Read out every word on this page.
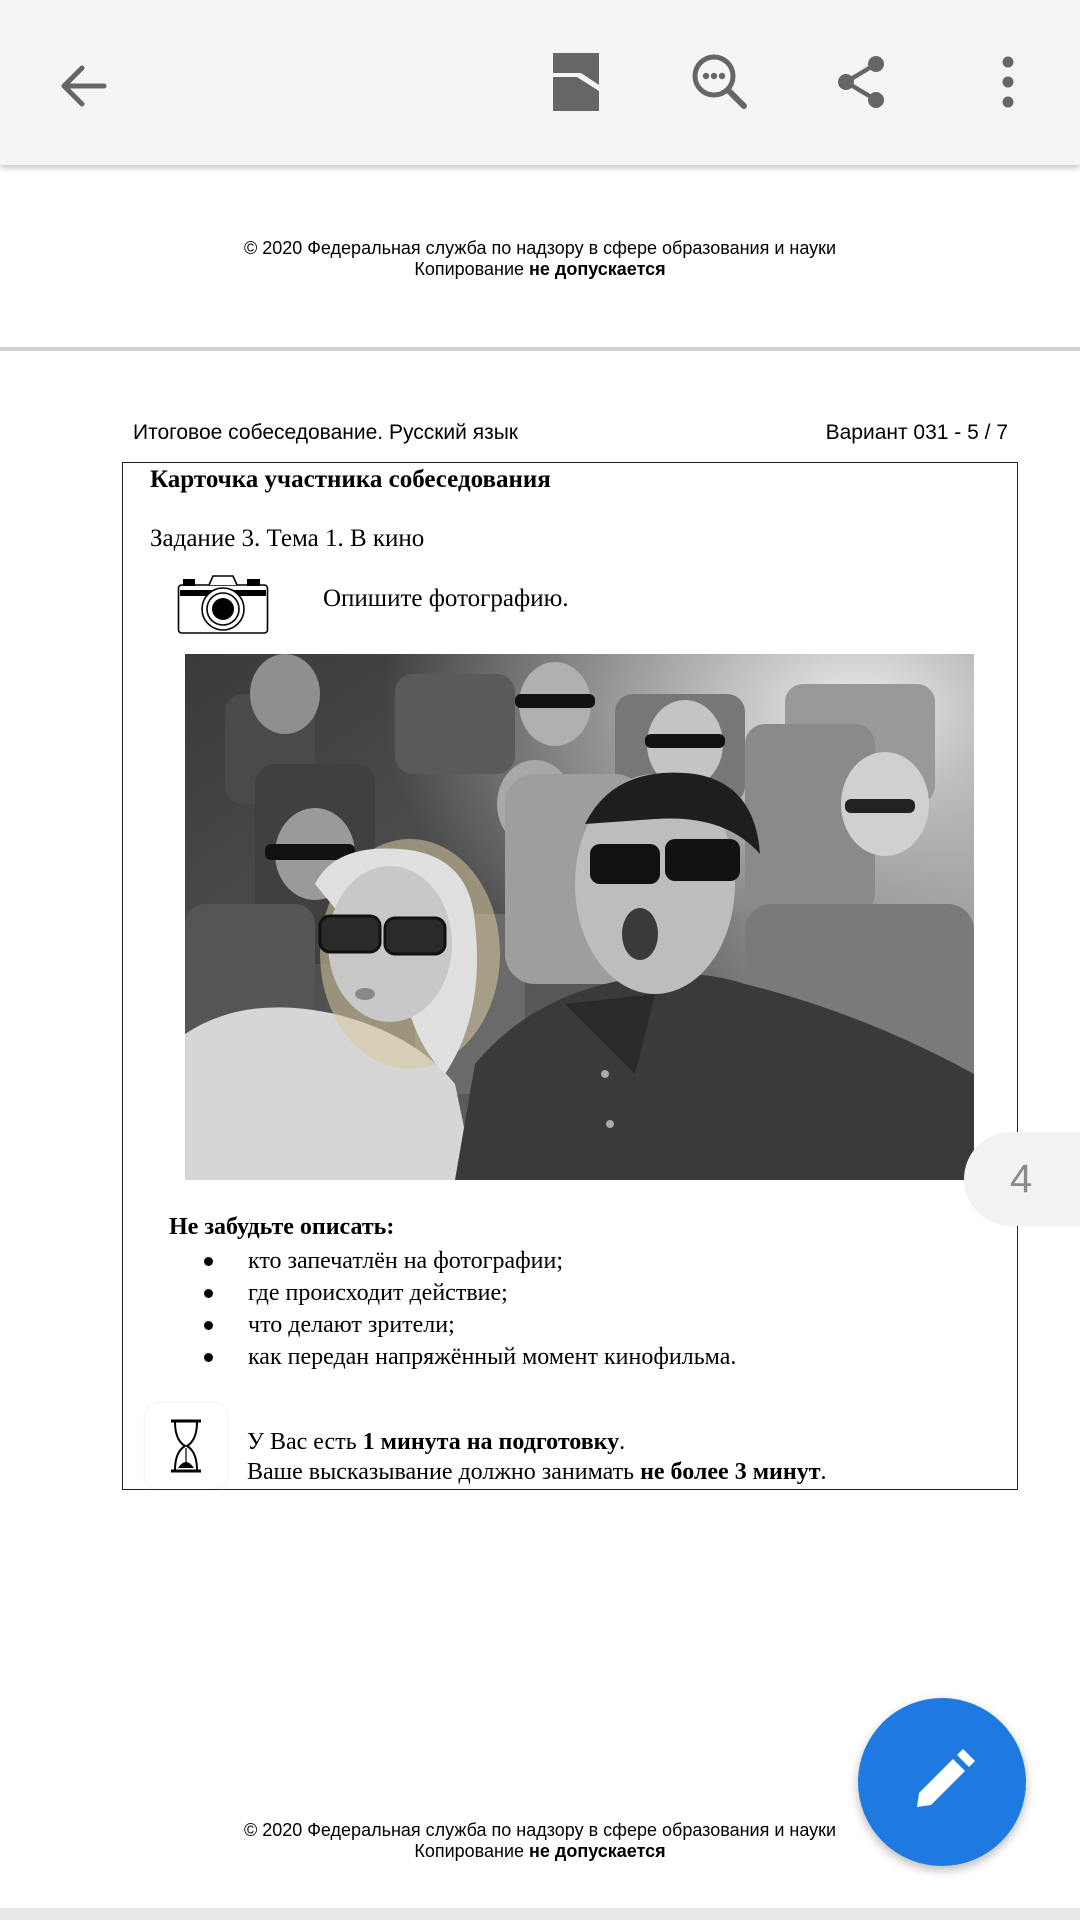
© 2020 Федеральная служба по надзору в сфере образования и науки
Копирование не допускается
Итоговое собеседование. Русский язык	Вариант 031 - 5 / 7
Карточка участника собеседования
Задание 3. Тема 1. В кино
Опишите фотографию.
Не забудьте описать:
кто запечатлён на фотографии;
где происходит действие;
что делают зрители;
как передан напряжённый момент кинофильма.
У Вас есть 1 минута на подготовку.
Ваше высказывание должно занимать не более 3 минут.
4
© 2020 Федеральная служба по надзору в сфере образования и науки
Копирование не допускается
